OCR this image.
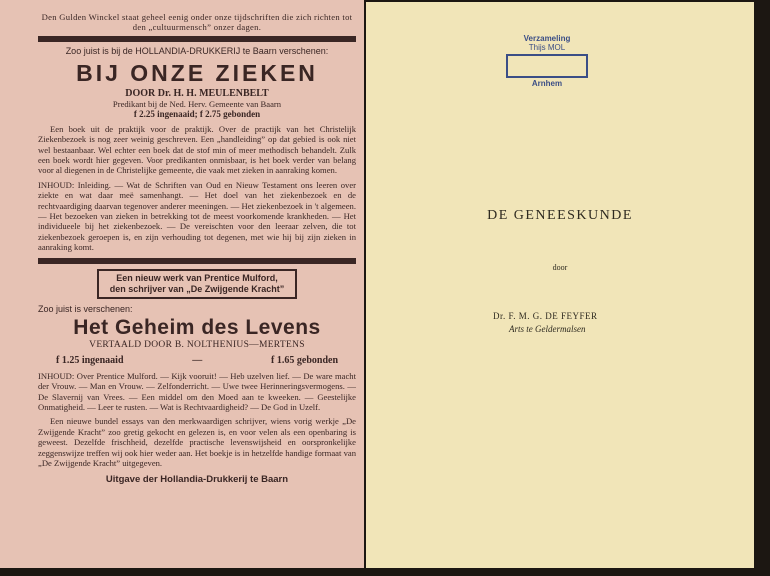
Den Gulden Winckel staat geheel eenig onder onze tijdschriften die zich richten tot den „cultuurmensch” onzer dagen.
Zoo juist is bij de HOLLANDIA-DRUKKERIJ te Baarn verschenen:
BIJ ONZE ZIEKEN
DOOR Dr. H. H. MEULENBELT
Predikant bij de Ned. Herv. Gemeente van Baarn
f 2.25 ingenaaid; f 2.75 gebonden
Een boek uit de praktijk voor de praktijk. Over de practijk van het Christelijk Ziekenbezoek is nog zeer weinig geschreven. Een „handleiding” op dat gebied is ook niet wel bestaanbaar. Wel echter een boek dat de stof min of meer methodisch behandelt. Zulk een boek wordt hier gegeven. Voor predikanten onmisbaar, is het boek verder van belang voor al diegenen in de Christelijke gemeente, die vaak met zieken in aanraking komen.
INHOUD: Inleiding. — Wat de Schriften van Oud en Nieuw Testament ons leeren over ziekte en wat daar meë samenhangt. — Het doel van het ziekenbezoek en de rechtvaardiging daarvan tegenover anderer meeningen. — Het ziekenbezoek in 't algemeen. — Het bezoeken van zieken in betrekking tot de meest voorkomende krankheden. — Het individueele bij het ziekenbezoek. — De vereischten voor den leeraar zelven, die tot ziekenbezoek geroepen is, en zijn verhouding tot degenen, met wie hij bij zijn zieken in aanraking komt.
Een nieuw werk van Prentice Mulford,
den schrijver van „De Zwijgende Kracht”
Zoo juist is verschenen:
Het Geheim des Levens
VERTAALD DOOR B. NOLTHENIUS—MERTENS
f 1.25 ingenaaid	—	f 1.65 gebonden
INHOUD: Over Prentice Mulford. — Kijk vooruit! — Heb uzelven lief. — De ware macht der Vrouw. — Man en Vrouw. — Zelfonderricht. — Uwe twee Herinneringsvermogens. — De Slavernij van Vrees. — Een middel om den Moed aan te kweeken. — Geestelijke Onmatigheid. — Leer te rusten. — Wat is Rechtvaardigheid? — De God in Uzelf.
Een nieuwe bundel essays van den merkwaardigen schrijver, wiens vorig werkje „De Zwijgende Kracht” zoo gretig gekocht en gelezen is, en voor velen als een openbaring is geweest. Dezelfde frischheid, dezelfde practische levenswijsheid en oorspronkelijke zeggenswijze treffen wij ook hier weder aan. Het boekje is in hetzelfde handige formaat van „De Zwijgende Kracht” uitgegeven.
Uitgave der Hollandia-Drukkerij te Baarn
Verzameling
Thijs MOL
Arnhem
DE GENEESKUNDE
door
Dr. F. M. G. DE FEYFER
Arts te Geldermalsen
